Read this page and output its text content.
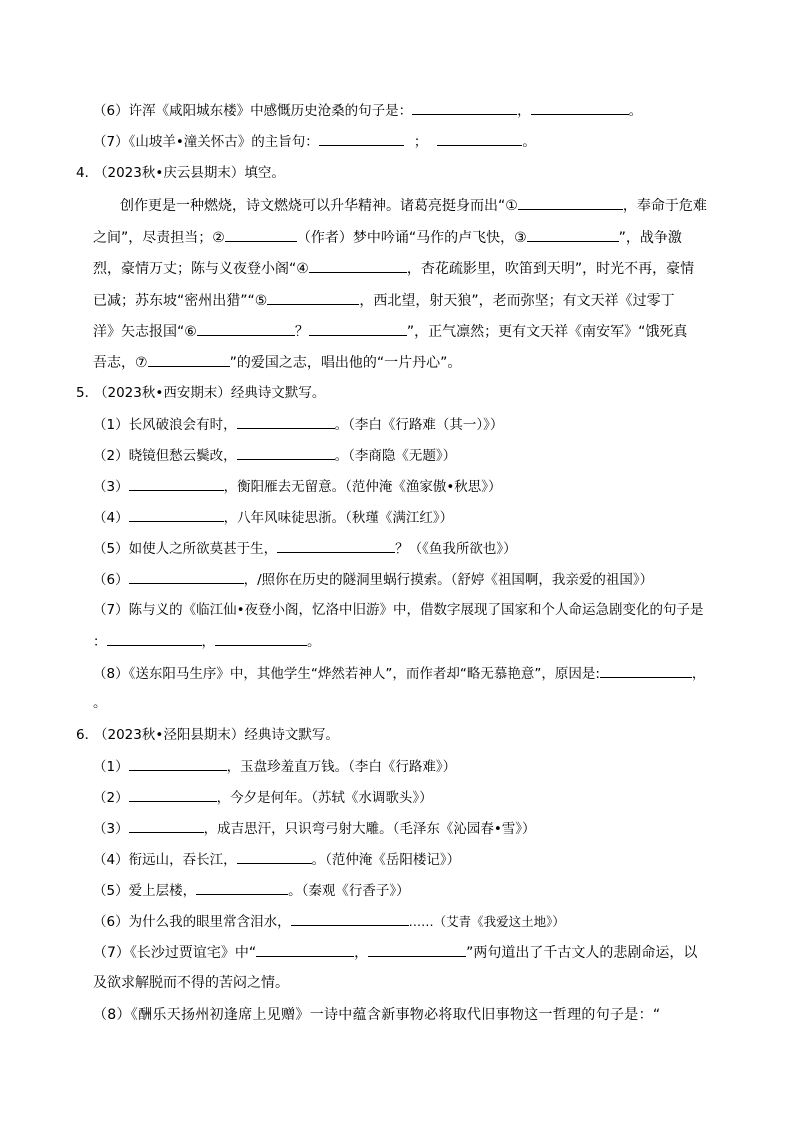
（6）许浑《咸阳城东楼》中感慨历史沧桑的句子是：	，	。
（7）《山坡羊•潼关怀古》的主旨句：	；	。
4．（2023秋•庆云县期末）填空。
创作更是一种燃烧，诗文燃烧可以升华精神。诸葛亮挺身而出“①	，奉命于危难
之间”，尽责担当；②	（作者）梦中吟诵“马作的卢飞快，③	”，战争激
烈，豪情万丈；陈与义夜登小阁“④	，杏花疏影里，吹笛到天明”，时光不再，豪情
已减；苏东坡“密州出猎”“⑤	，西北望，射天狼”，老而弥坚；有文天祥《过零丁
洋》矢志报国“⑥	？	”，正气凛然；更有文天祥《南安军》“饿死真
吾志，⑦	”的爱国之志，唱出他的“一片丹心”。
5．（2023秋•西安期末）经典诗文默写。
（1）长风破浪会有时，	。（李白《行路难（其一）》）
（2）晓镜但愁云鬓改，	。（李商隐《无题》）
（3）	，衡阳雁去无留意。（范仲淹《渔家傲•秋思》）
（4）	，八年风味徒思浙。（秋瑾《满江红》）
（5）如使人之所欲莫甚于生，	？（《鱼我所欲也》）
（6）	，/照你在历史的隧洞里蜗行摸索。（舒婷《祖国啊，我亲爱的祖国》）
（7）陈与义的《临江仙•夜登小阁，忆洛中旧游》中，借数字展现了国家和个人命运急剧变化的句子是
：	，	。
（8）《送东阳马生序》中，其他学生“烨然若神人”，而作者却“略无慕艳意”，原因是:	，
。
6．（2023秋•泾阳县期末）经典诗文默写。
（1）	，玉盘珍羞直万钱。（李白《行路难》）
（2）	，今夕是何年。（苏轼《水调歌头》）
（3）	，成吉思汗，只识弯弓射大雕。（毛泽东《沁园春•雪》）
（4）衔远山，吞长江，	。（范仲淹《岳阳楼记》）
（5）爱上层楼，	。（秦观《行香子》）
（6）为什么我的眼里常含泪水，	……（艾青《我爱这土地》）
（7）《长沙过贾谊宅》中“	，	”两句道出了千古文人的悲剧命运，以
及欲求解脱而不得的苦闷之情。
（8）《酬乐天扬州初逢席上见赠》一诗中蕴含新事物必将取代旧事物这一哲理的句子是：“
